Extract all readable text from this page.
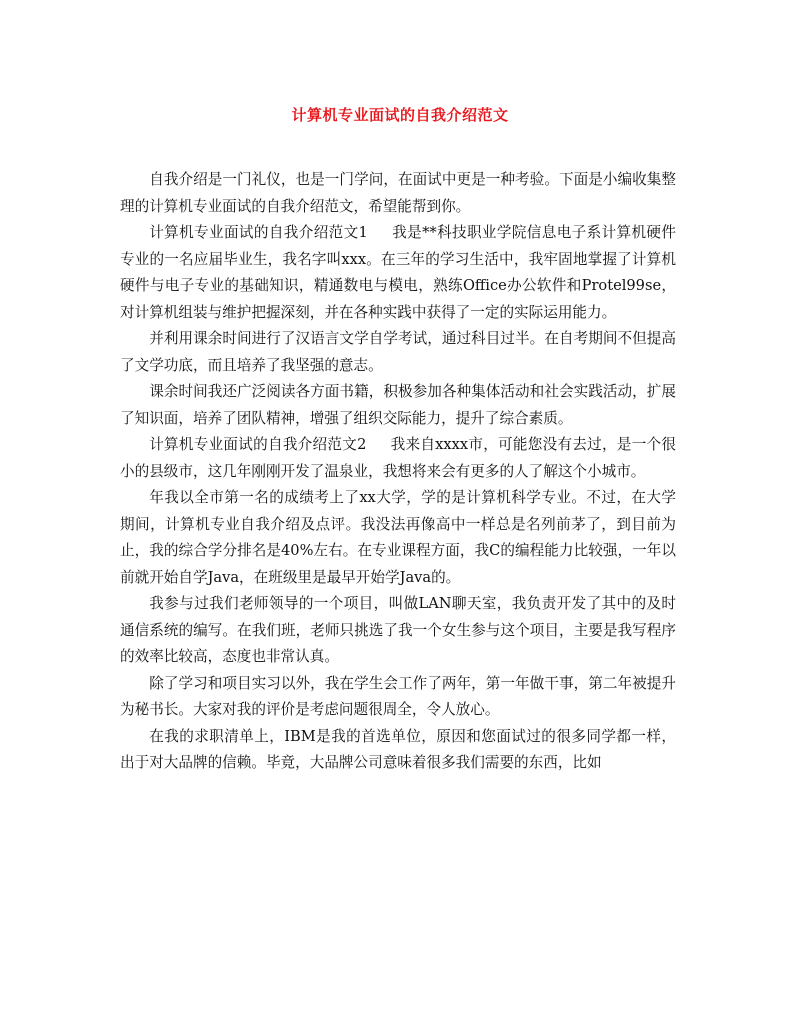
计算机专业面试的自我介绍范文

自我介绍是一门礼仪，也是一门学问，在面试中更是一种考验。下面是小编收集整理的计算机专业面试的自我介绍范文，希望能帮到你。

计算机专业面试的自我介绍范文1 我是**科技职业学院信息电子系计算机硬件专业的一名应届毕业生，我名字叫xxx。在三年的学习生活中，我牢固地掌握了计算机硬件与电子专业的基础知识，精通数电与模电，熟练Office办公软件和Protel99se，对计算机组装与维护把握深刻，并在各种实践中获得了一定的实际运用能力。

并利用课余时间进行了汉语言文学自学考试，通过科目过半。在自考期间不但提高了文学功底，而且培养了我坚强的意志。

课余时间我还广泛阅读各方面书籍，积极参加各种集体活动和社会实践活动，扩展了知识面，培养了团队精神，增强了组织交际能力，提升了综合素质。

计算机专业面试的自我介绍范文2 我来自xxxx市，可能您没有去过，是一个很小的县级市，这几年刚刚开发了温泉业，我想将来会有更多的人了解这个小城市。

年我以全市第一名的成绩考上了xx大学，学的是计算机科学专业。不过，在大学期间，计算机专业自我介绍及点评。我没法再像高中一样总是名列前茅了，到目前为止，我的综合学分排名是40%左右。在专业课程方面，我C的编程能力比较强，一年以前就开始自学Java，在班级里是最早开始学Java的。

我参与过我们老师领导的一个项目，叫做LAN聊天室，我负责开发了其中的及时通信系统的编写。在我们班，老师只挑选了我一个女生参与这个项目，主要是我写程序的效率比较高，态度也非常认真。

除了学习和项目实习以外，我在学生会工作了两年，第一年做干事，第二年被提升为秘书长。大家对我的评价是考虑问题很周全，令人放心。

在我的求职清单上，IBM是我的首选单位，原因和您面试过的很多同学都一样，出于对大品牌的信赖。毕竟，大品牌公司意味着很多我们需要的东西，比如
